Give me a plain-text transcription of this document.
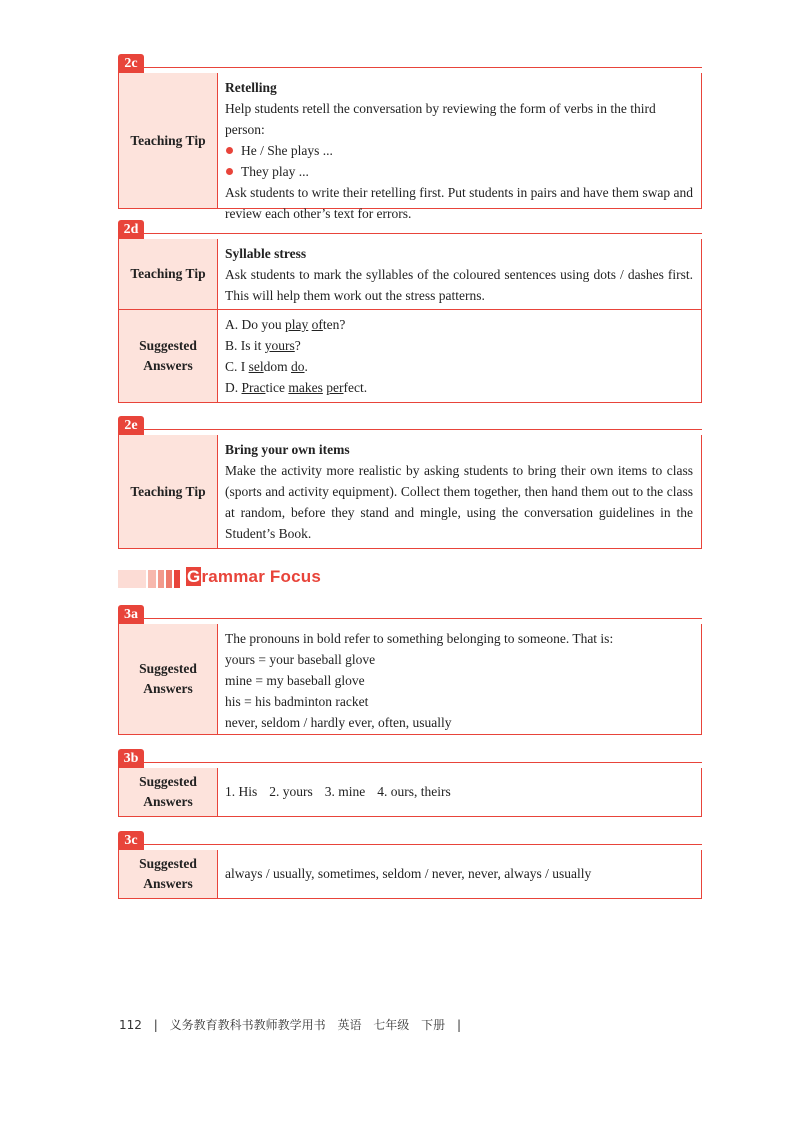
2c
Teaching Tip
Retelling
Help students retell the conversation by reviewing the form of verbs in the third person:
He / She plays ...
They play ...
Ask students to write their retelling first. Put students in pairs and have them swap and review each other’s text for errors.
2d
Teaching Tip
Syllable stress
Ask students to mark the syllables of the coloured sentences using dots / dashes first. This will help them work out the stress patterns.
Suggested
Answers
A. Do you play often?
B. Is it yours?
C. I seldom do.
D. Practice makes perfect.
2e
Teaching Tip
Bring your own items
Make the activity more realistic by asking students to bring their own items to class (sports and activity equipment). Collect them together, then hand them out to the class at random, before they stand and mingle, using the conversation guidelines in the Student’s Book.
Grammar Focus
3a
Suggested
Answers
The pronouns in bold refer to something belonging to someone. That is:
yours = your baseball glove
mine = my baseball glove
his = his badminton racket
never, seldom / hardly ever, often, usually
3b
Suggested
Answers
1. His 2. yours 3. mine 4. ours, theirs
3c
Suggested
Answers
always / usually, sometimes, seldom / never, never, always / usually
112 | 义务教育教科书教师教学用书 英语 七年级 下册 |
